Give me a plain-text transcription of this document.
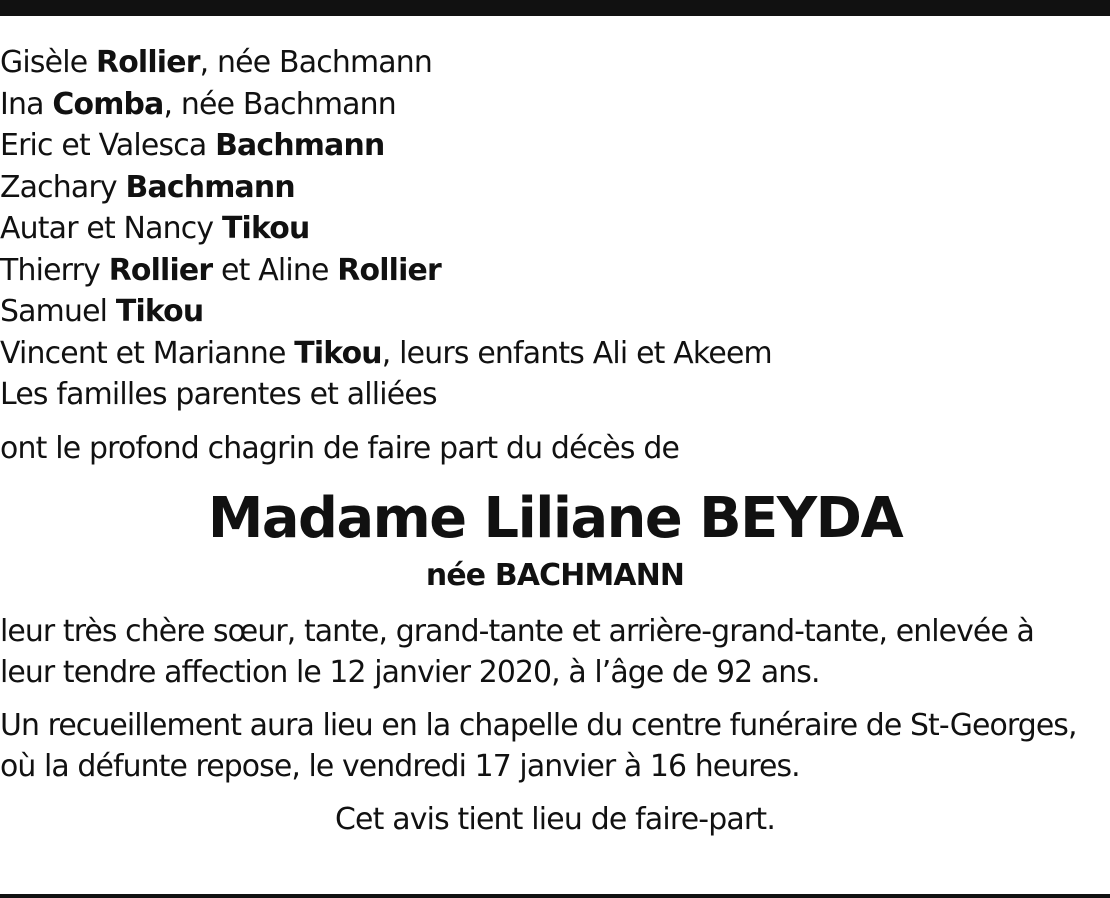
Gisèle Rollier, née Bachmann
Ina Comba, née Bachmann
Eric et Valesca Bachmann
Zachary Bachmann
Autar et Nancy Tikou
Thierry Rollier et Aline Rollier
Samuel Tikou
Vincent et Marianne Tikou, leurs enfants Ali et Akeem
Les familles parentes et alliées
ont le profond chagrin de faire part du décès de
Madame Liliane BEYDA
née BACHMANN
leur très chère sœur, tante, grand-tante et arrière-grand-tante, enlevée à
leur tendre affection le 12 janvier 2020, à l’âge de 92 ans.
Un recueillement aura lieu en la chapelle du centre funéraire de St-Georges,
où la défunte repose, le vendredi 17 janvier à 16 heures.
Cet avis tient lieu de faire-part.
